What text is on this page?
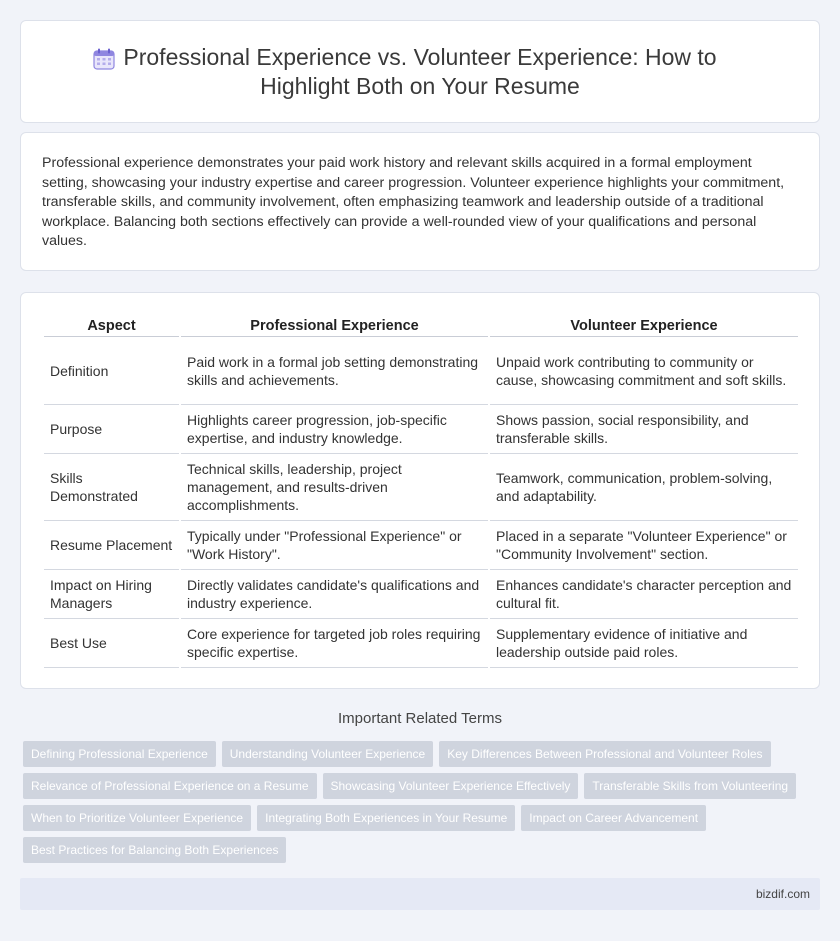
Professional Experience vs. Volunteer Experience: How to Highlight Both on Your Resume

Professional experience demonstrates your paid work history and relevant skills acquired in a formal employment setting, showcasing your industry expertise and career progression. Volunteer experience highlights your commitment, transferable skills, and community involvement, often emphasizing teamwork and leadership outside of a traditional workplace. Balancing both sections effectively can provide a well-rounded view of your qualifications and personal values.

Aspect	Professional Experience	Volunteer Experience
Definition	Paid work in a formal job setting demonstrating skills and achievements.	Unpaid work contributing to community or cause, showcasing commitment and soft skills.
Purpose	Highlights career progression, job-specific expertise, and industry knowledge.	Shows passion, social responsibility, and transferable skills.
Skills Demonstrated	Technical skills, leadership, project management, and results-driven accomplishments.	Teamwork, communication, problem-solving, and adaptability.
Resume Placement	Typically under "Professional Experience" or "Work History".	Placed in a separate "Volunteer Experience" or "Community Involvement" section.
Impact on Hiring Managers	Directly validates candidate's qualifications and industry experience.	Enhances candidate's character perception and cultural fit.
Best Use	Core experience for targeted job roles requiring specific expertise.	Supplementary evidence of initiative and leadership outside paid roles.
Important Related Terms
Defining Professional Experience	Understanding Volunteer Experience	Key Differences Between Professional and Volunteer Roles
Relevance of Professional Experience on a Resume	Showcasing Volunteer Experience Effectively	Transferable Skills from Volunteering
When to Prioritize Volunteer Experience	Integrating Both Experiences in Your Resume	Impact on Career Advancement
Best Practices for Balancing Both Experiences
bizdif.com
